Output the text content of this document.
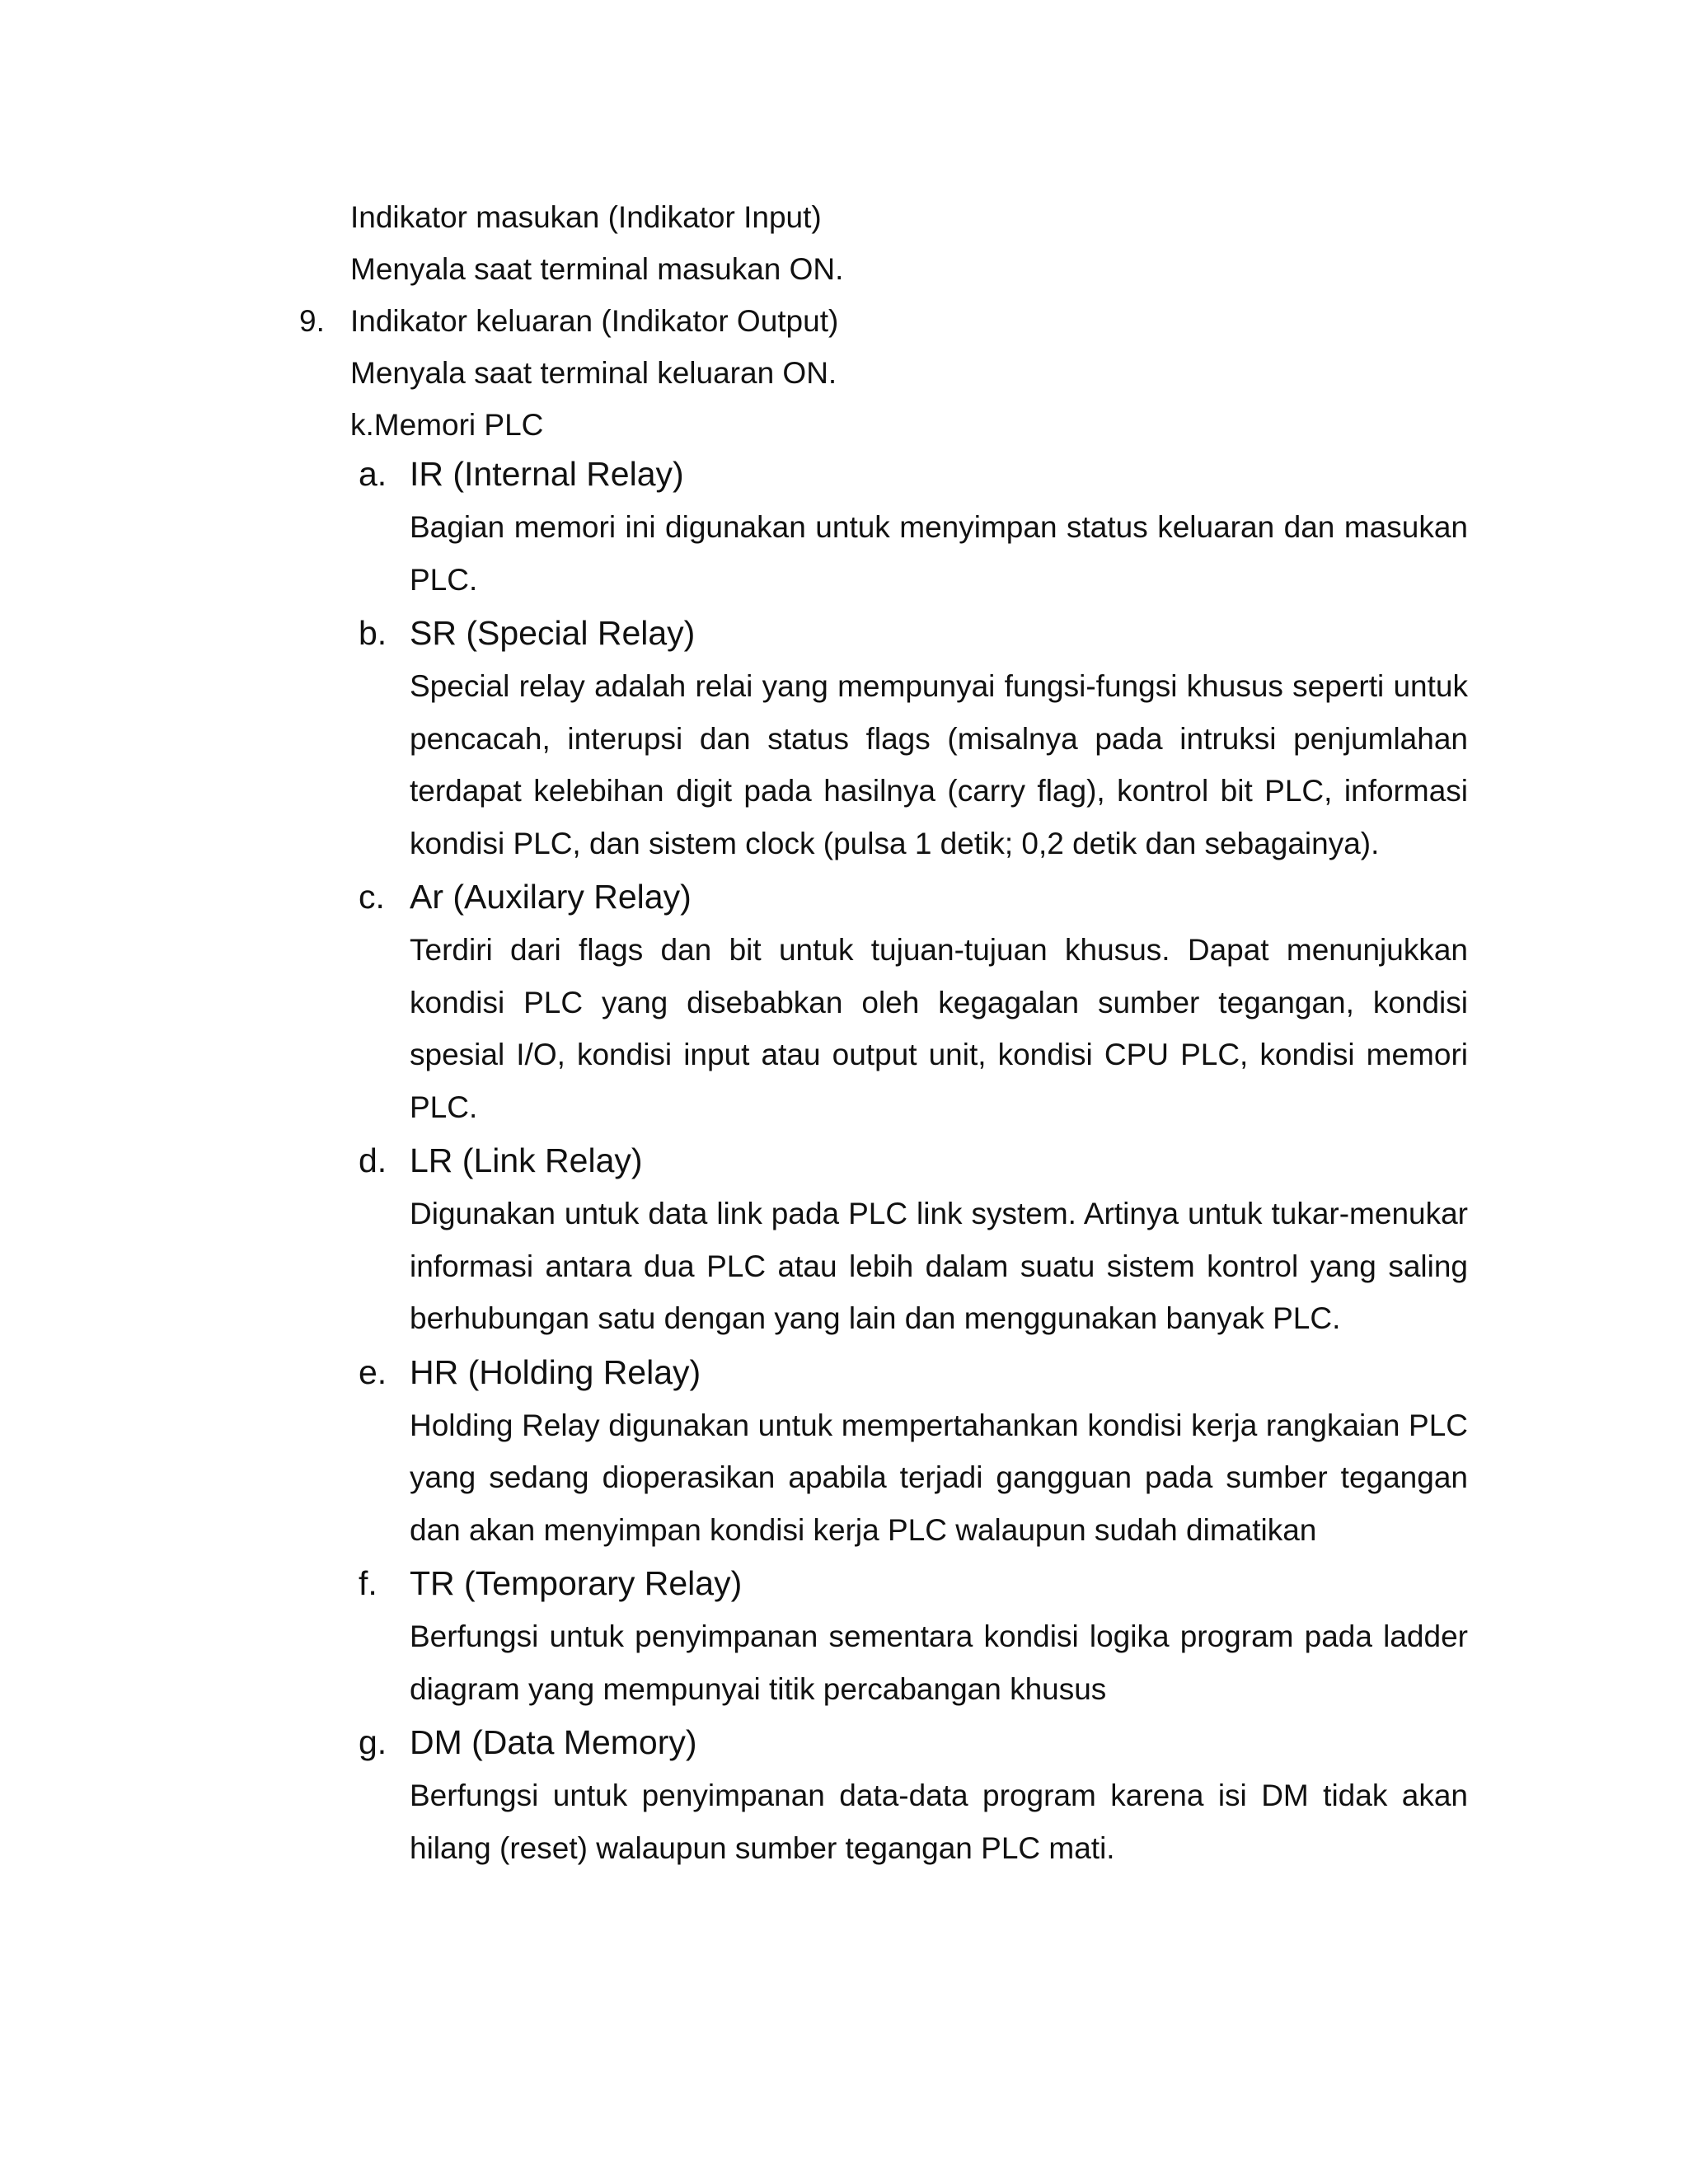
Indikator masukan (Indikator Input)
Menyala saat terminal masukan ON.
9. Indikator keluaran (Indikator Output)
Menyala saat terminal keluaran ON.
k.Memori PLC
a. IR (Internal Relay)
Bagian memori ini digunakan untuk menyimpan status keluaran dan masukan PLC.
b. SR (Special Relay)
Special relay adalah relai yang mempunyai fungsi-fungsi khusus seperti untuk pencacah, interupsi dan status flags (misalnya pada intruksi penjumlahan terdapat kelebihan digit pada hasilnya (carry flag), kontrol bit PLC, informasi kondisi PLC, dan sistem clock (pulsa 1 detik; 0,2 detik dan sebagainya).
c. Ar (Auxilary Relay)
Terdiri dari flags dan bit untuk tujuan-tujuan khusus. Dapat menunjukkan kondisi PLC yang disebabkan oleh kegagalan sumber tegangan, kondisi spesial I/O, kondisi input atau output unit, kondisi CPU PLC, kondisi memori PLC.
d. LR (Link Relay)
Digunakan untuk data link pada PLC link system. Artinya untuk tukar-menukar informasi antara dua PLC atau lebih dalam suatu sistem kontrol yang saling berhubungan satu dengan yang lain dan menggunakan banyak PLC.
e. HR (Holding Relay)
Holding Relay digunakan untuk mempertahankan kondisi kerja rangkaian PLC yang sedang dioperasikan apabila terjadi gangguan pada sumber tegangan dan akan menyimpan kondisi kerja PLC walaupun sudah dimatikan
f. TR (Temporary Relay)
Berfungsi untuk penyimpanan sementara kondisi logika program pada ladder diagram yang mempunyai titik percabangan khusus
g. DM (Data Memory)
Berfungsi untuk penyimpanan data-data program karena isi DM tidak akan hilang (reset) walaupun sumber tegangan PLC mati.
